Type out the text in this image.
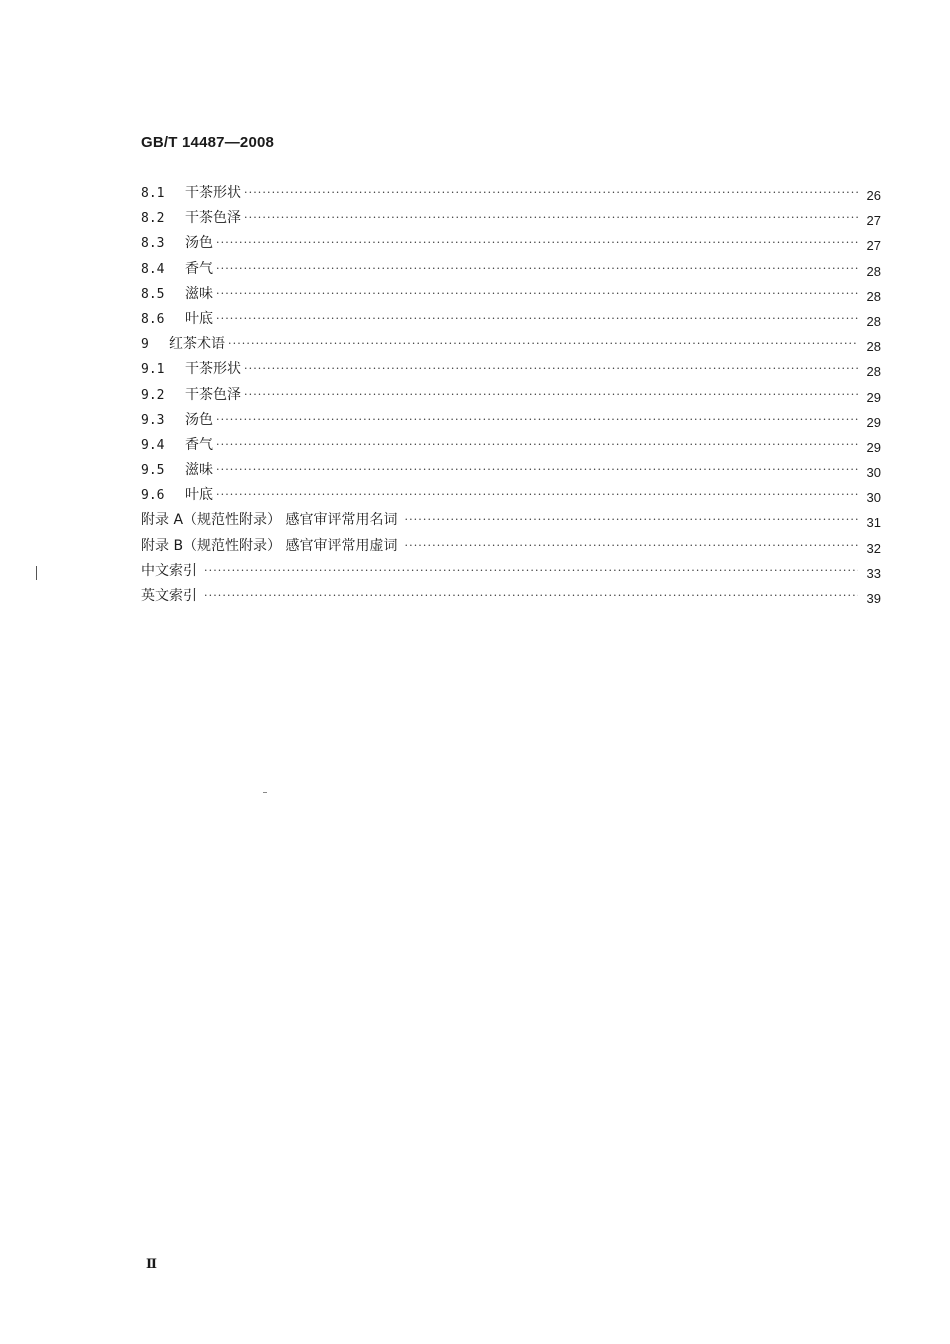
GB/T 14487—2008
8.1	干茶形状 ·····	26
8.2	干茶色泽 ·····	27
8.3	汤色 ·····	27
8.4	香气 ·····	28
8.5	滋味 ·····	28
8.6	叶底 ·····	28
9	红茶术语 ·····	28
9.1	干茶形状 ·····	28
9.2	干茶色泽 ·····	29
9.3	汤色 ·····	29
9.4	香气 ·····	29
9.5	滋味 ·····	30
9.6	叶底 ·····	30
附录 A（规范性附录） 感官审评常用名词 ·····	31
附录 B（规范性附录） 感官审评常用虚词 ·····	32
中文索引 ·····	33
英文索引 ·····	39
Ⅱ
